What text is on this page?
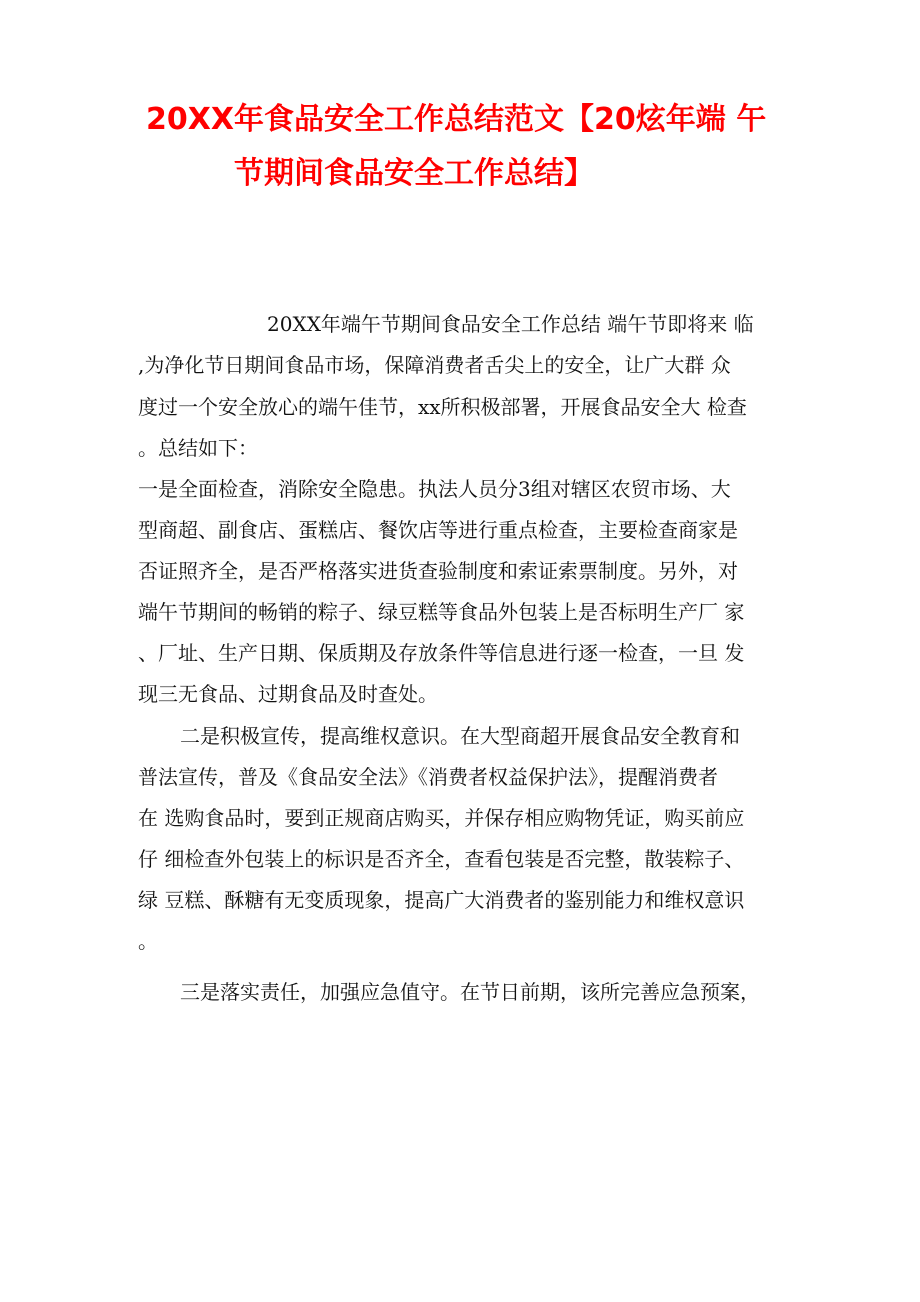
20XX年食品安全工作总结范文【20炫年端 午
节期间食品安全工作总结】
20XX年端午节期间食品安全工作总结 端午节即将来 临
,为净化节日期间食品市场，保障消费者舌尖上的安全，让广大群 众
度过一个安全放心的端午佳节，xx所积极部署，开展食品安全大 检查
。总结如下：
一是全面检查，消除安全隐患。执法人员分3组对辖区农贸市场、大
型商超、副食店、蛋糕店、餐饮店等进行重点检查，主要检查商家是
否证照齐全，是否严格落实进货查验制度和索证索票制度。另外，对
端午节期间的畅销的粽子、绿豆糕等食品外包装上是否标明生产厂 家
、厂址、生产日期、保质期及存放条件等信息进行逐一检查，一旦 发
现三无食品、过期食品及时查处。
二是积极宣传，提高维权意识。在大型商超开展食品安全教育和
普法宣传，普及《食品安全法》《消费者权益保护法》，提醒消费者
在 选购食品时，要到正规商店购买，并保存相应购物凭证，购买前应
仔 细检查外包装上的标识是否齐全，查看包装是否完整，散装粽子、
绿 豆糕、酥糖有无变质现象，提高广大消费者的鉴别能力和维权意识
。
三是落实责任，加强应急值守。在节日前期，该所完善应急预案，
